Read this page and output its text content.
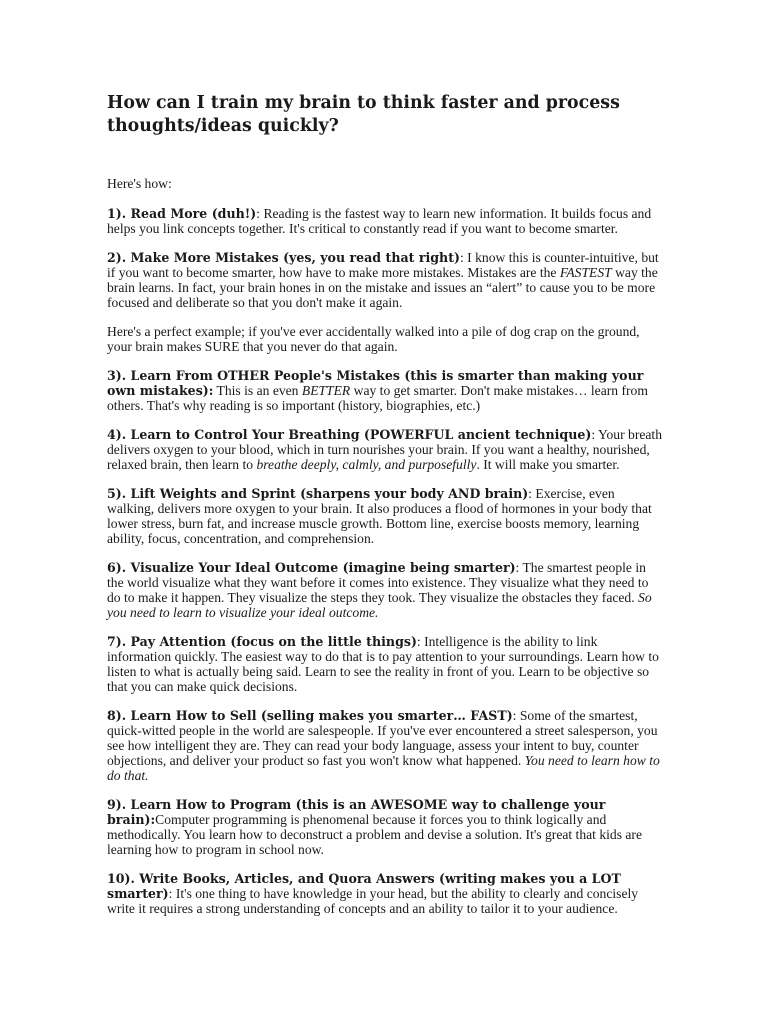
How can I train my brain to think faster and process thoughts/ideas quickly?

Here's how:

1). Read More (duh!): Reading is the fastest way to learn new information. It builds focus and helps you link concepts together. It's critical to constantly read if you want to become smarter.

2). Make More Mistakes (yes, you read that right): I know this is counter-intuitive, but if you want to become smarter, how have to make more mistakes. Mistakes are the FASTEST way the brain learns. In fact, your brain hones in on the mistake and issues an “alert” to cause you to be more focused and deliberate so that you don't make it again.

Here's a perfect example; if you've ever accidentally walked into a pile of dog crap on the ground, your brain makes SURE that you never do that again.

3). Learn From OTHER People's Mistakes (this is smarter than making your own mistakes): This is an even BETTER way to get smarter. Don't make mistakes… learn from others. That's why reading is so important (history, biographies, etc.)

4). Learn to Control Your Breathing (POWERFUL ancient technique): Your breath delivers oxygen to your blood, which in turn nourishes your brain. If you want a healthy, nourished, relaxed brain, then learn to breathe deeply, calmly, and purposefully. It will make you smarter.

5). Lift Weights and Sprint (sharpens your body AND brain): Exercise, even walking, delivers more oxygen to your brain. It also produces a flood of hormones in your body that lower stress, burn fat, and increase muscle growth. Bottom line, exercise boosts memory, learning ability, focus, concentration, and comprehension.

6). Visualize Your Ideal Outcome (imagine being smarter): The smartest people in the world visualize what they want before it comes into existence. They visualize what they need to do to make it happen. They visualize the steps they took. They visualize the obstacles they faced. So you need to learn to visualize your ideal outcome.

7). Pay Attention (focus on the little things): Intelligence is the ability to link information quickly. The easiest way to do that is to pay attention to your surroundings. Learn how to listen to what is actually being said. Learn to see the reality in front of you. Learn to be objective so that you can make quick decisions.

8). Learn How to Sell (selling makes you smarter… FAST): Some of the smartest, quick-witted people in the world are salespeople. If you've ever encountered a street salesperson, you see how intelligent they are. They can read your body language, assess your intent to buy, counter objections, and deliver your product so fast you won't know what happened. You need to learn how to do that.

9). Learn How to Program (this is an AWESOME way to challenge your brain):Computer programming is phenomenal because it forces you to think logically and methodically. You learn how to deconstruct a problem and devise a solution. It's great that kids are learning how to program in school now.

10). Write Books, Articles, and Quora Answers (writing makes you a LOT smarter): It's one thing to have knowledge in your head, but the ability to clearly and concisely write it requires a strong understanding of concepts and an ability to tailor it to your audience.
